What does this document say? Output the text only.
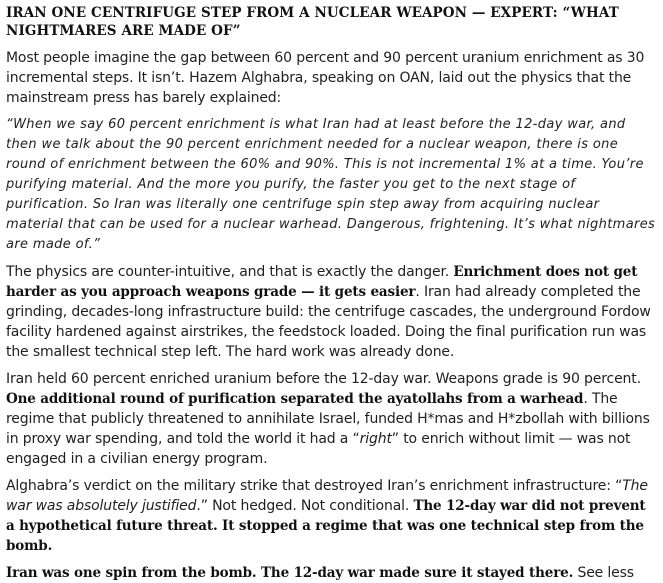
IRAN ONE CENTRIFUGE STEP FROM A NUCLEAR WEAPON — EXPERT: “WHAT NIGHTMARES ARE MADE OF”

Most people imagine the gap between 60 percent and 90 percent uranium enrichment as 30 incremental steps. It isn’t. Hazem Alghabra, speaking on OAN, laid out the physics that the mainstream press has barely explained:

“When we say 60 percent enrichment is what Iran had at least before the 12-day war, and then we talk about the 90 percent enrichment needed for a nuclear weapon, there is one round of enrichment between the 60% and 90%. This is not incremental 1% at a time. You’re purifying material. And the more you purify, the faster you get to the next stage of purification. So Iran was literally one centrifuge spin step away from acquiring nuclear material that can be used for a nuclear warhead. Dangerous, frightening. It’s what nightmares are made of.”

The physics are counter-intuitive, and that is exactly the danger. Enrichment does not get harder as you approach weapons grade — it gets easier. Iran had already completed the grinding, decades-long infrastructure build: the centrifuge cascades, the underground Fordow facility hardened against airstrikes, the feedstock loaded. Doing the final purification run was the smallest technical step left. The hard work was already done.

Iran held 60 percent enriched uranium before the 12-day war. Weapons grade is 90 percent. One additional round of purification separated the ayatollahs from a warhead. The regime that publicly threatened to annihilate Israel, funded H*mas and H*zbollah with billions in proxy war spending, and told the world it had a “right” to enrich without limit — was not engaged in a civilian energy program.

Alghabra’s verdict on the military strike that destroyed Iran’s enrichment infrastructure: “The war was absolutely justified.” Not hedged. Not conditional. The 12-day war did not prevent a hypothetical future threat. It stopped a regime that was one technical step from the bomb.

Iran was one spin from the bomb. The 12-day war made sure it stayed there. See less
